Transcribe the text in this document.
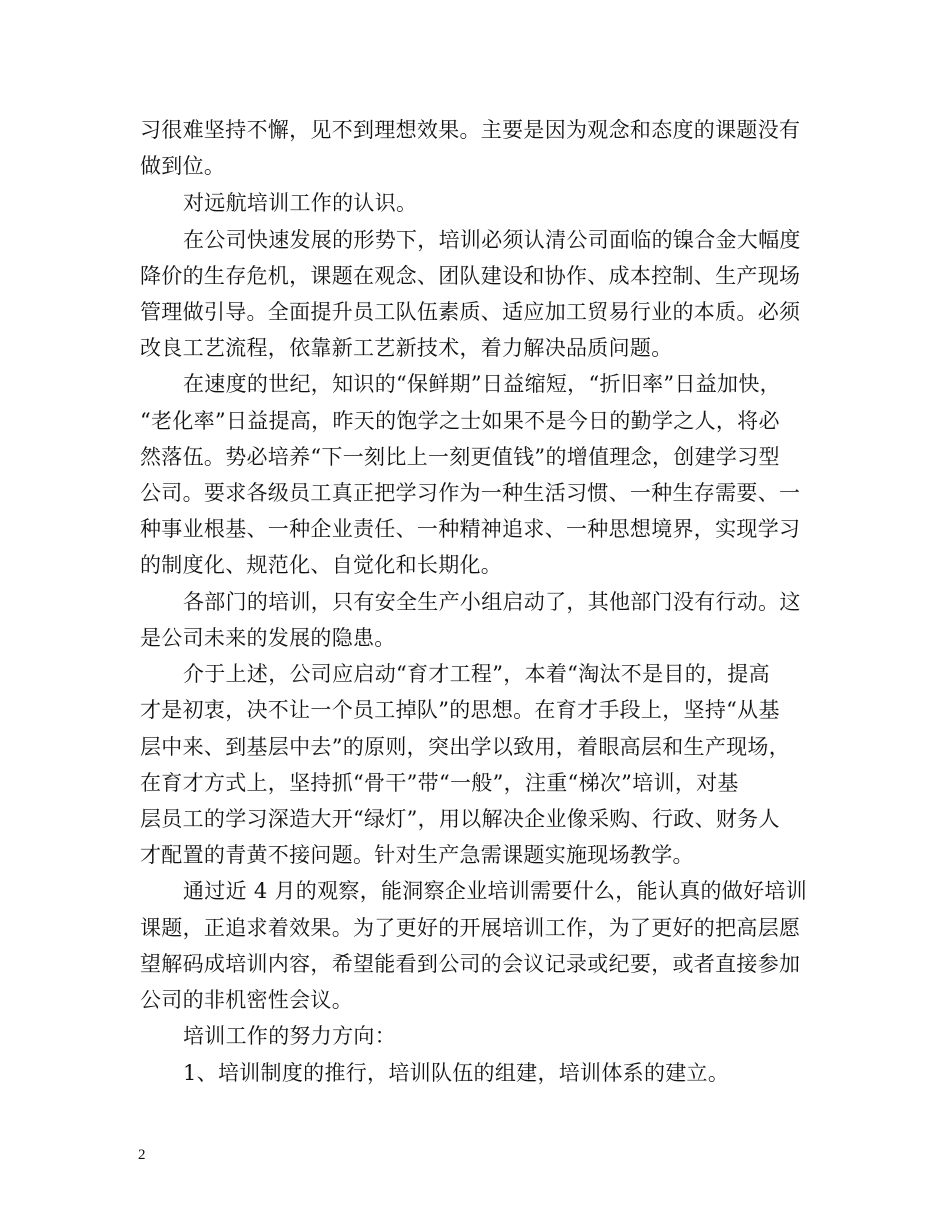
习很难坚持不懈，见不到理想效果。主要是因为观念和态度的课题没有
做到位。
对远航培训工作的认识。
在公司快速发展的形势下，培训必须认清公司面临的镍合金大幅度
降价的生存危机，课题在观念、团队建设和协作、成本控制、生产现场
管理做引导。全面提升员工队伍素质、适应加工贸易行业的本质。必须
改良工艺流程，依靠新工艺新技术，着力解决品质问题。
在速度的世纪，知识的“保鲜期”日益缩短，“折旧率”日益加快，
“老化率”日益提高，昨天的饱学之士如果不是今日的勤学之人，将必
然落伍。势必培养“下一刻比上一刻更值钱”的增值理念，创建学习型
公司。要求各级员工真正把学习作为一种生活习惯、一种生存需要、一
种事业根基、一种企业责任、一种精神追求、一种思想境界，实现学习
的制度化、规范化、自觉化和长期化。
各部门的培训，只有安全生产小组启动了，其他部门没有行动。这
是公司未来的发展的隐患。
介于上述，公司应启动“育才工程”，本着“淘汰不是目的，提高
才是初衷，决不让一个员工掉队”的思想。在育才手段上，坚持“从基
层中来、到基层中去”的原则，突出学以致用，着眼高层和生产现场，
在育才方式上，坚持抓“骨干”带“一般”，注重“梯次”培训，对基
层员工的学习深造大开“绿灯”，用以解决企业像采购、行政、财务人
才配置的青黄不接问题。针对生产急需课题实施现场教学。
通过近 4 月的观察，能洞察企业培训需要什么，能认真的做好培训
课题，正追求着效果。为了更好的开展培训工作，为了更好的把高层愿
望解码成培训内容，希望能看到公司的会议记录或纪要，或者直接参加
公司的非机密性会议。
培训工作的努力方向：
1、培训制度的推行，培训队伍的组建，培训体系的建立。
2
